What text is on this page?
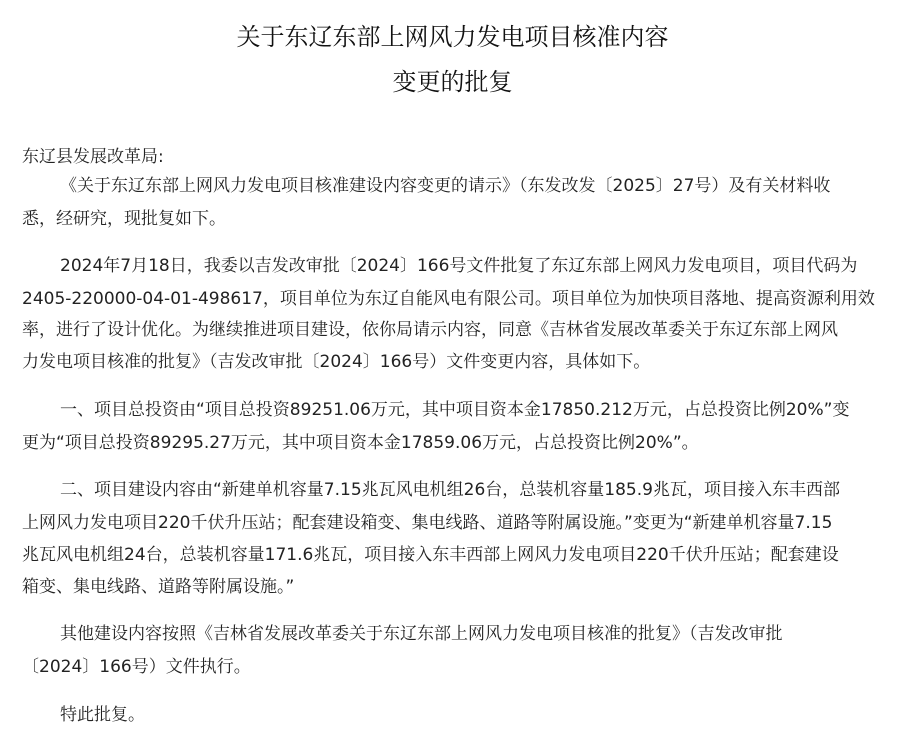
关于东辽东部上网风力发电项目核准内容
变更的批复
东辽县发展改革局:
《关于东辽东部上网风力发电项目核准建设内容变更的请示》（东发改发〔2025〕27号）及有关材料收
悉，经研究，现批复如下。
2024年7月18日，我委以吉发改审批〔2024〕166号文件批复了东辽东部上网风力发电项目，项目代码为
2405-220000-04-01-498617，项目单位为东辽自能风电有限公司。项目单位为加快项目落地、提高资源利用效
率，进行了设计优化。为继续推进项目建设，依你局请示内容，同意《吉林省发展改革委关于东辽东部上网风
力发电项目核准的批复》（吉发改审批〔2024〕166号）文件变更内容，具体如下。
一、项目总投资由“项目总投资89251.06万元，其中项目资本金17850.212万元，占总投资比例20%”变
更为“项目总投资89295.27万元，其中项目资本金17859.06万元，占总投资比例20%”。
二、项目建设内容由“新建单机容量7.15兆瓦风电机组26台，总装机容量185.9兆瓦，项目接入东丰西部
上网风力发电项目220千伏升压站；配套建设箱变、集电线路、道路等附属设施。”变更为“新建单机容量7.15
兆瓦风电机组24台，总装机容量171.6兆瓦，项目接入东丰西部上网风力发电项目220千伏升压站；配套建设
箱变、集电线路、道路等附属设施。”
其他建设内容按照《吉林省发展改革委关于东辽东部上网风力发电项目核准的批复》（吉发改审批
〔2024〕166号）文件执行。
特此批复。
